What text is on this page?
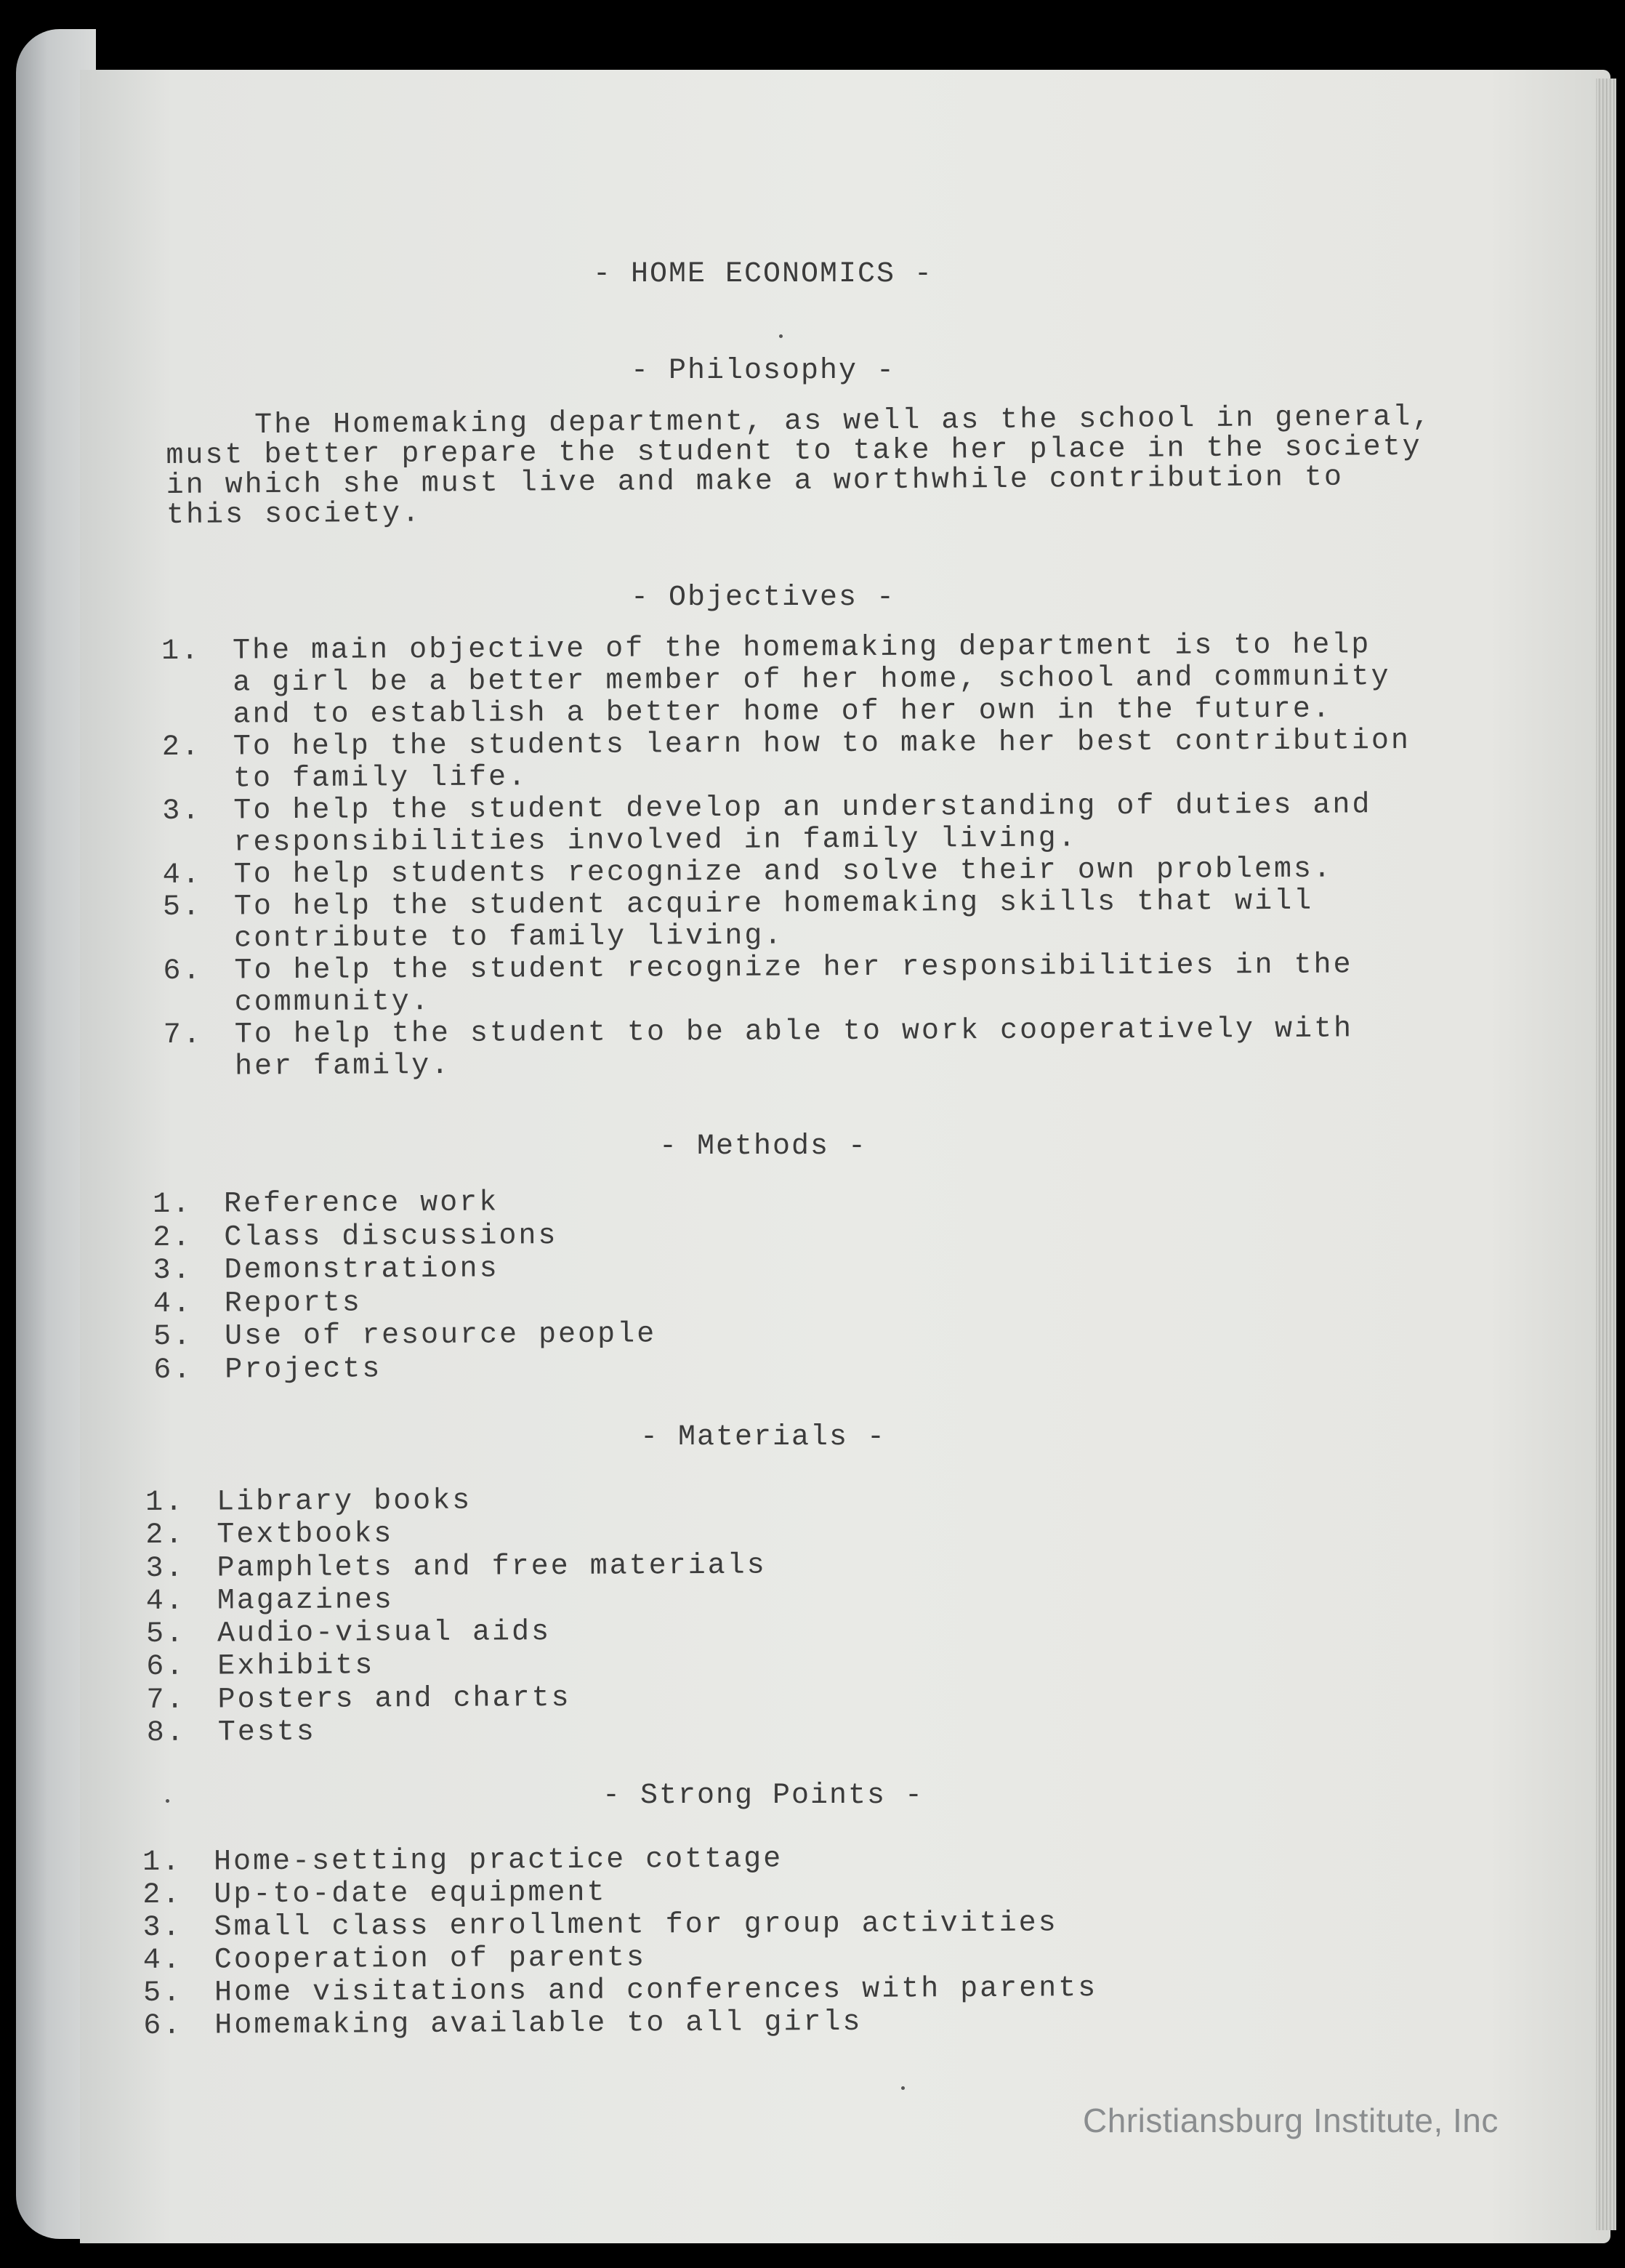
- HOME ECONOMICS -
- Philosophy -
The Homemaking department, as well as the school in general,
must better prepare the student to take her place in the society
in which she must live and make a worthwhile contribution to
this society.
- Objectives -
1.	The main objective of the homemaking department is to help
a girl be a better member of her home, school and community
and to establish a better home of her own in the future.
2.	To help the students learn how to make her best contribution
to family life.
3.	To help the student develop an understanding of duties and
responsibilities involved in family living.
4.	To help students recognize and solve their own problems.
5.	To help the student acquire homemaking skills that will
contribute to family living.
6.	To help the student recognize her responsibilities in the
community.
7.	To help the student to be able to work cooperatively with
her family.
- Methods -
1.	Reference work
2.	Class discussions
3.	Demonstrations
4.	Reports
5.	Use of resource people
6.	Projects
- Materials -
1.	Library books
2.	Textbooks
3.	Pamphlets and free materials
4.	Magazines
5.	Audio-visual aids
6.	Exhibits
7.	Posters and charts
8.	Tests
- Strong Points -
1.	Home-setting practice cottage
2.	Up-to-date equipment
3.	Small class enrollment for group activities
4.	Cooperation of parents
5.	Home visitations and conferences with parents
6.	Homemaking available to all girls
Christiansburg Institute, Inc
